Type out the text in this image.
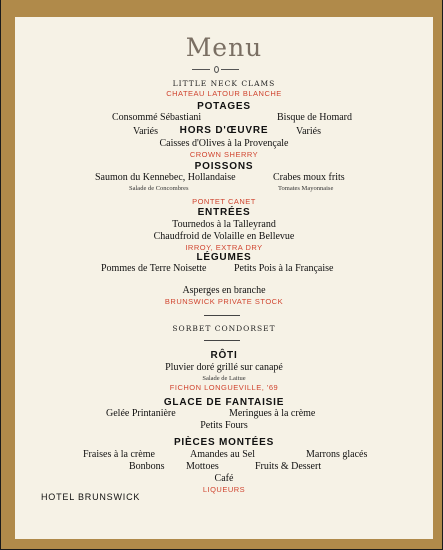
Menu
LITTLE NECK CLAMS
CHATEAU LATOUR BLANCHE
POTAGES
Consommé Sébastiani	Bisque de Homard
Variés	HORS D'ŒUVRE	Variés
Caisses d'Olives à la Provençale
CROWN SHERRY
POISSONS
Saumon du Kennebec, Hollandaise
Salade de Concombres
Crabes moux frits
Tomates Mayonnaise
PONTET CANET
ENTRÉES
Tournedos à la Talleyrand
Chaudfroid de Volaille en Bellevue
IRROY, EXTRA DRY
LÉGUMES
Pommes de Terre Noisette	Petits Pois à la Française
Asperges en branche
BRUNSWICK PRIVATE STOCK
SORBET CONDORSET
RÔTI
Pluvier doré grillé sur canapé
Salade de Laitue
FICHON LONGUEVILLE, '69
GLACE DE FANTAISIE
Gelée Printanière	Meringues à la crème
Petits Fours
PIÈCES MONTÉES
Fraises à la crème	Amandes au Sel	Marrons glacés
Bonbons Mottoes	Fruits & Dessert
Café
LIQUEURS
HOTEL BRUNSWICK
